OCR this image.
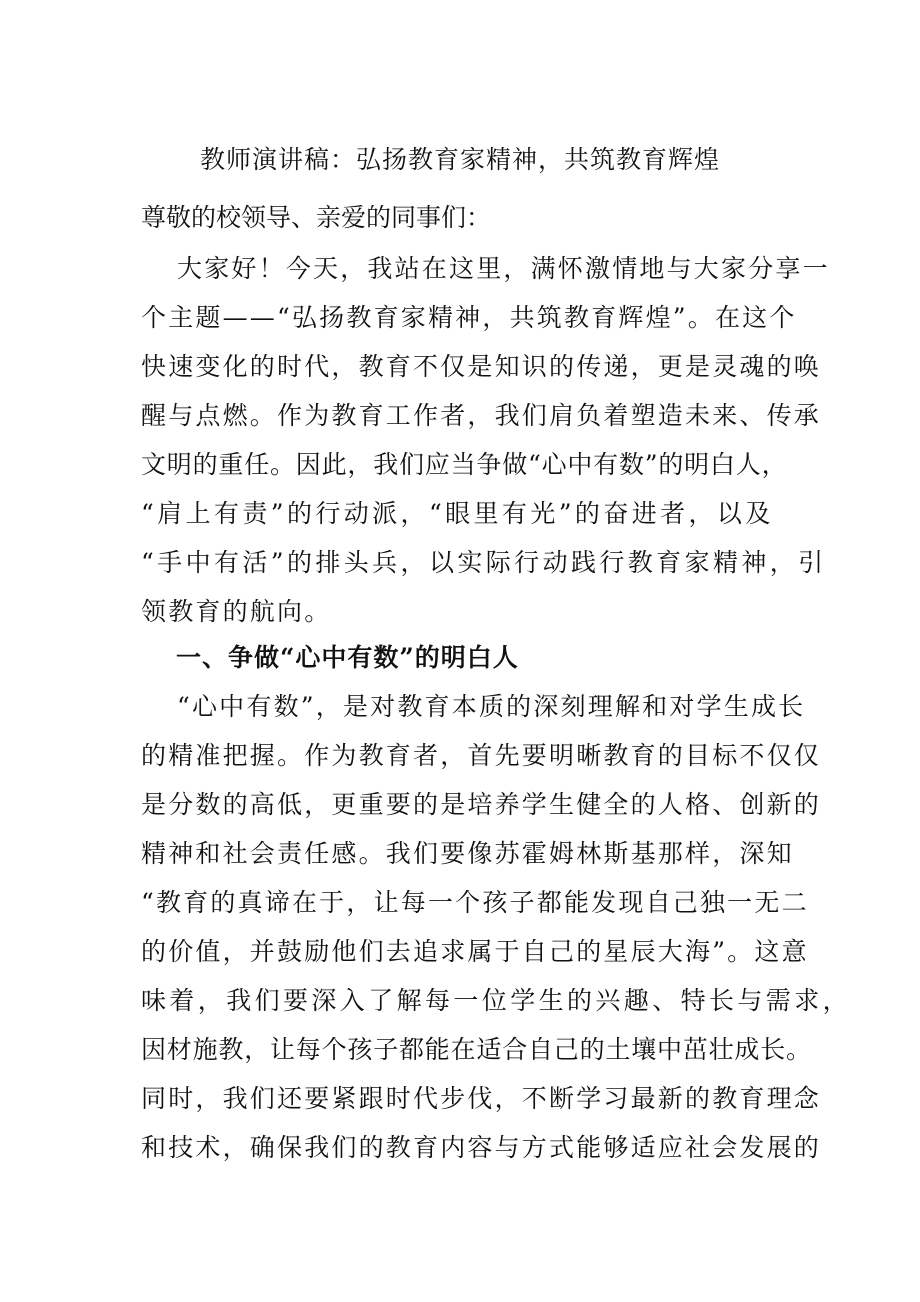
教师演讲稿：弘扬教育家精神，共筑教育辉煌

尊敬的校领导、亲爱的同事们：

大家好！今天，我站在这里，满怀激情地与大家分享一
个主题——“弘扬教育家精神，共筑教育辉煌”。在这个
快速变化的时代，教育不仅是知识的传递，更是灵魂的唤
醒与点燃。作为教育工作者，我们肩负着塑造未来、传承
文明的重任。因此，我们应当争做“心中有数”的明白人，
“肩上有责”的行动派，“眼里有光”的奋进者，以及
“手中有活”的排头兵，以实际行动践行教育家精神，引
领教育的航向。
一、争做“心中有数”的明白人
“心中有数”，是对教育本质的深刻理解和对学生成长
的精准把握。作为教育者，首先要明晰教育的目标不仅仅
是分数的高低，更重要的是培养学生健全的人格、创新的
精神和社会责任感。我们要像苏霍姆林斯基那样，深知
“教育的真谛在于，让每一个孩子都能发现自己独一无二
的价值，并鼓励他们去追求属于自己的星辰大海”。这意
味着，我们要深入了解每一位学生的兴趣、特长与需求，
因材施教，让每个孩子都能在适合自己的土壤中茁壮成长。
同时，我们还要紧跟时代步伐，不断学习最新的教育理念
和技术，确保我们的教育内容与方式能够适应社会发展的
